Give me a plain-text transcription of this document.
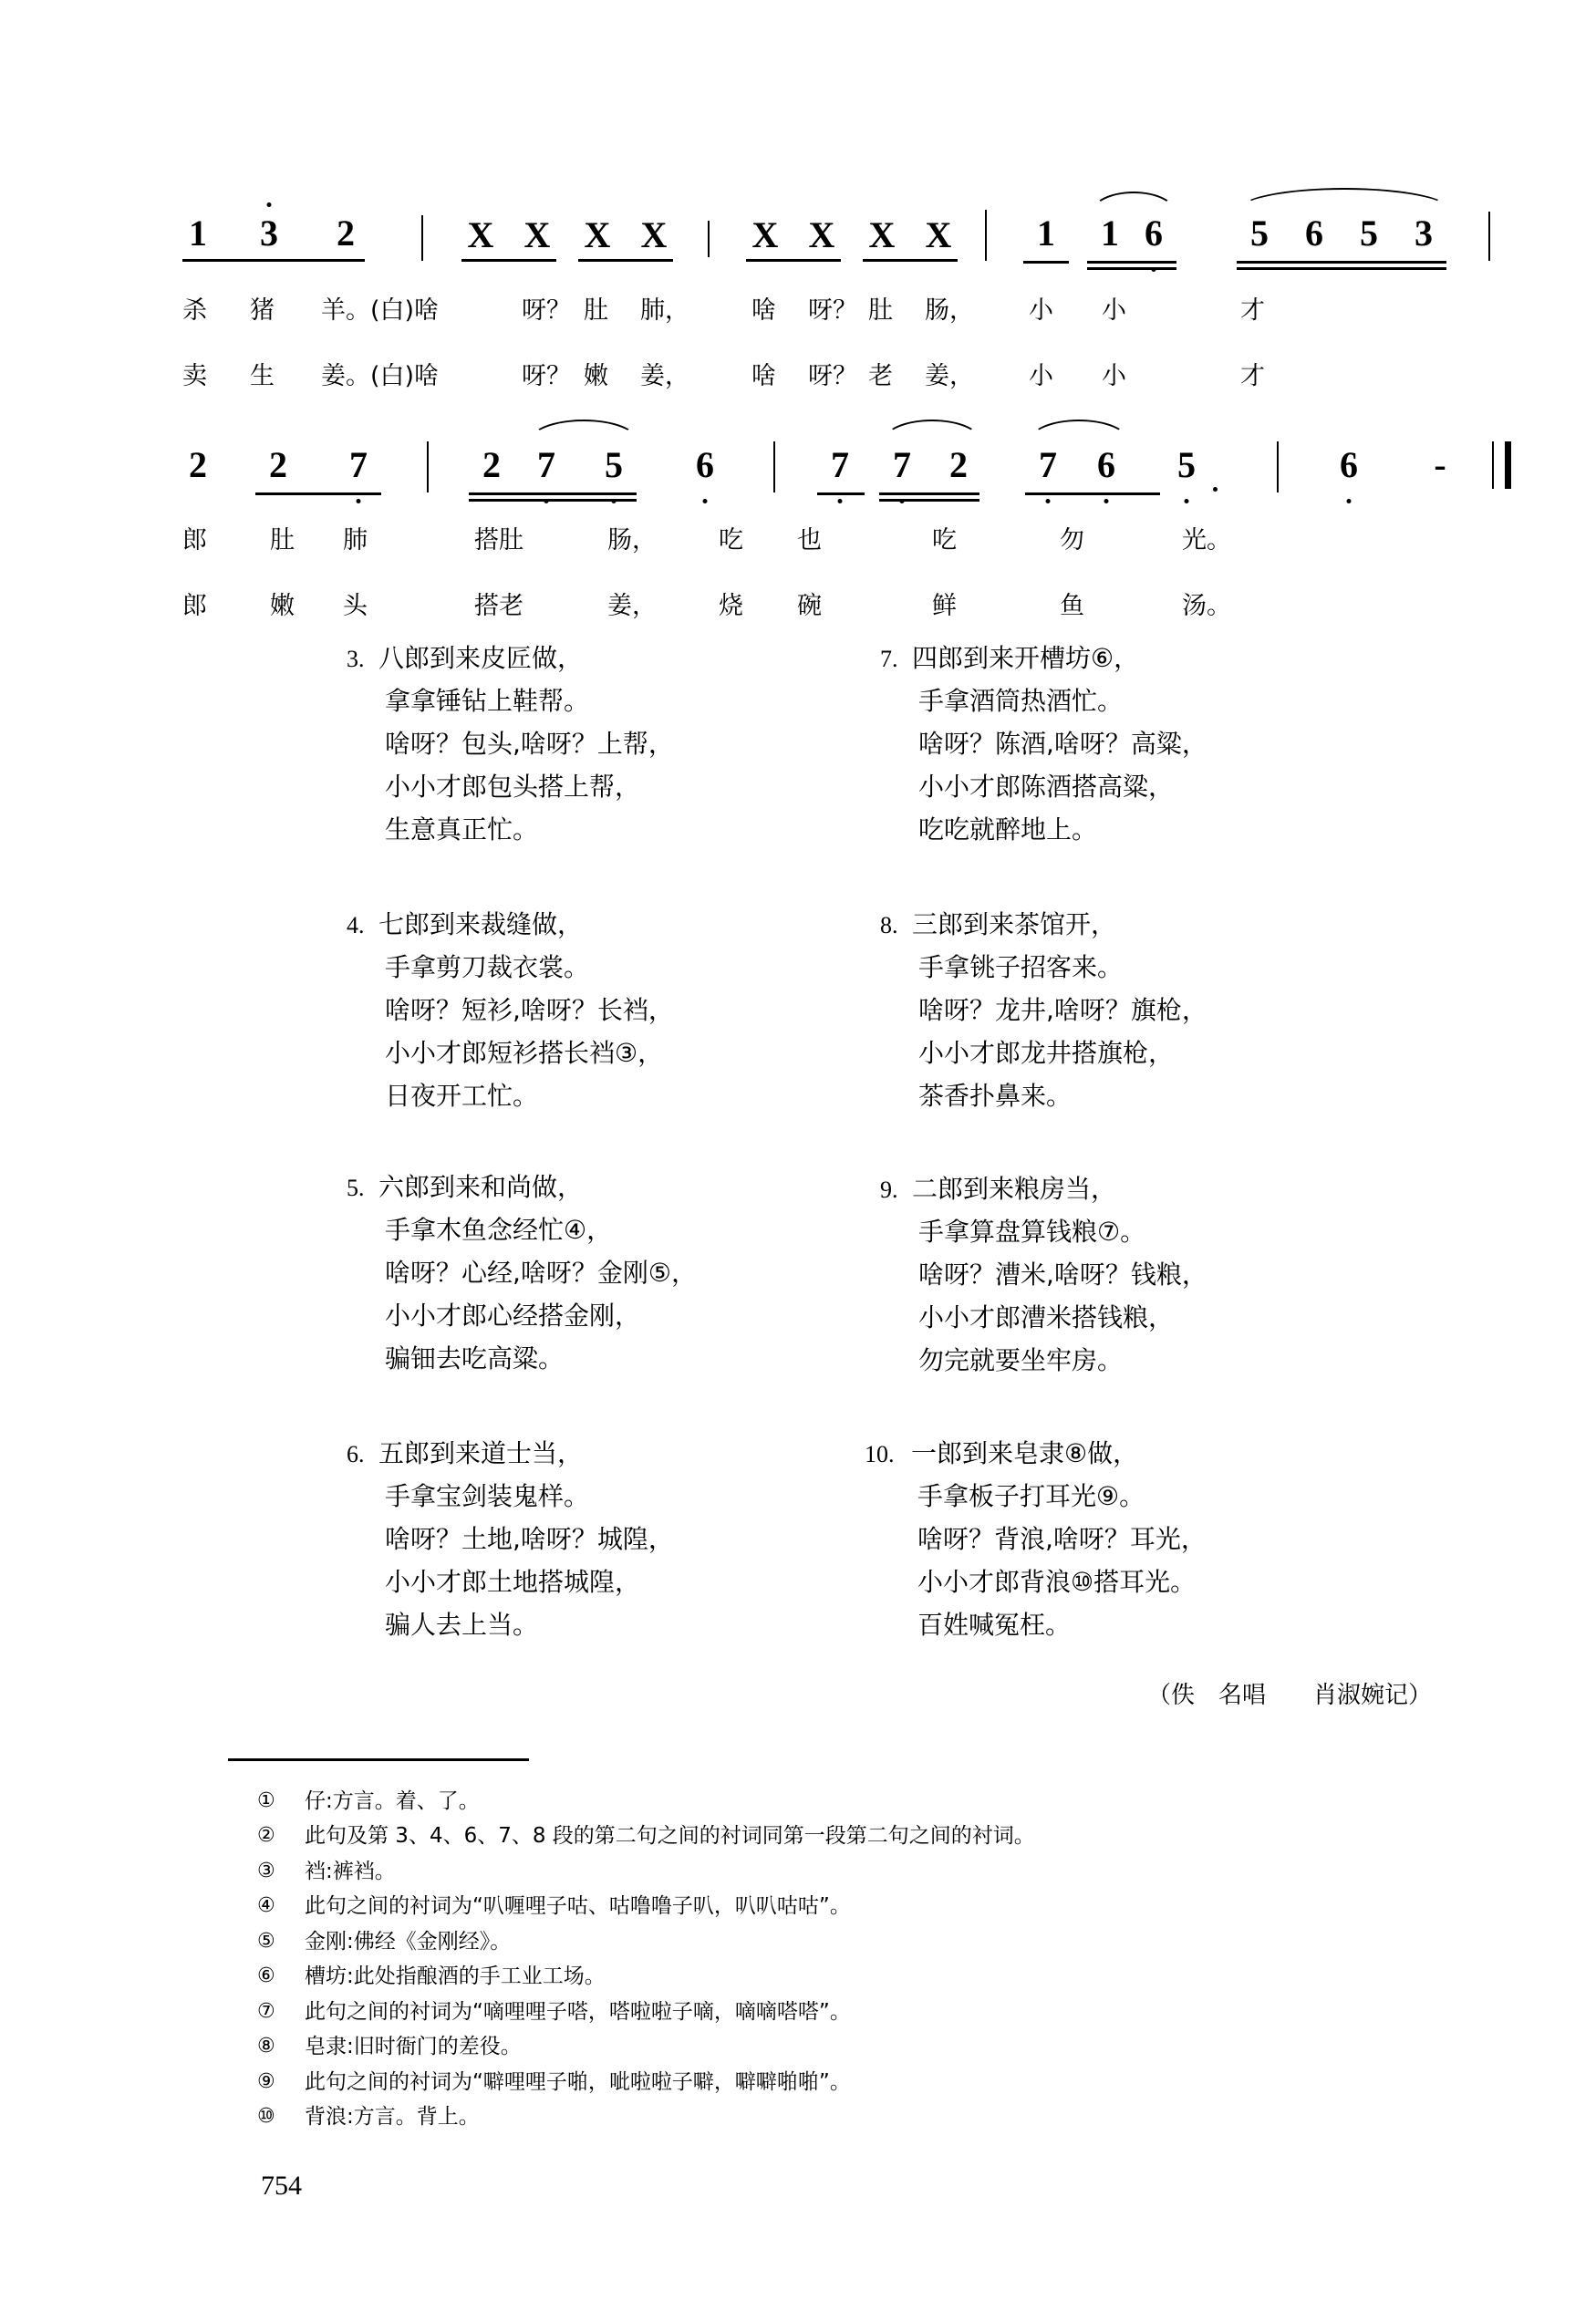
1 3 2	X X X X X X X X 1 1 6 5 6 5 3
杀 猪 羊。(白)啥	呀？ 肚 肺，	啥 呀？ 肚 肠， 小 小	才
卖 生 姜。(白)啥	呀？ 嫩 姜，	啥 呀？ 老 姜， 小 小	才
2 2 7	2 7 5 6	7 7 2 7 6 5	6 -
郎	肚 肺	搭肚	肠，	吃 也	吃	勿	光。
郎	嫩 头	搭老	姜，	烧 碗	鲜	鱼	汤。
3. 八郎到来皮匠做，
拿拿锤钻上鞋帮。
啥呀？包头,啥呀？上帮，
小小才郎包头搭上帮，
生意真正忙。
4. 七郎到来裁缝做，
手拿剪刀裁衣裳。
啥呀？短衫,啥呀？长裆，
小小才郎短衫搭长裆③，
日夜开工忙。
5. 六郎到来和尚做，
手拿木鱼念经忙④，
啥呀？心经,啥呀？金刚⑤，
小小才郎心经搭金刚，
骗钿去吃高粱。
6. 五郎到来道士当，
手拿宝剑装鬼样。
啥呀？土地,啥呀？城隍，
小小才郎土地搭城隍，
骗人去上当。
7. 四郎到来开槽坊⑥，
手拿酒筒热酒忙。
啥呀？陈酒,啥呀？高粱，
小小才郎陈酒搭高粱，
吃吃就醉地上。
8. 三郎到来茶馆开，
手拿铫子招客来。
啥呀？龙井,啥呀？旗枪，
小小才郎龙井搭旗枪，
茶香扑鼻来。
9. 二郎到来粮房当，
手拿算盘算钱粮⑦。
啥呀？漕米,啥呀？钱粮，
小小才郎漕米搭钱粮，
勿完就要坐牢房。
10. 一郎到来皂隶⑧做，
手拿板子打耳光⑨。
啥呀？背浪,啥呀？耳光，
小小才郎背浪⑩搭耳光。
百姓喊冤枉。
（佚　名唱　　肖淑婉记）
①	仔:方言。着、了。
②	此句及第 3、4、6、7、8 段的第二句之间的衬词同第一段第二句之间的衬词。
③	裆:裤裆。
④	此句之间的衬词为“叭喱哩子咕、咕噜噜子叭，叭叭咕咕”。
⑤	金刚:佛经《金刚经》。
⑥	槽坊:此处指酿酒的手工业工场。
⑦	此句之间的衬词为“嘀哩哩子嗒，嗒啦啦子嘀，嘀嘀嗒嗒”。
⑧	皂隶:旧时衙门的差役。
⑨	此句之间的衬词为“噼哩哩子啪，呲啦啦子噼，噼噼啪啪”。
⑩	背浪:方言。背上。
754
